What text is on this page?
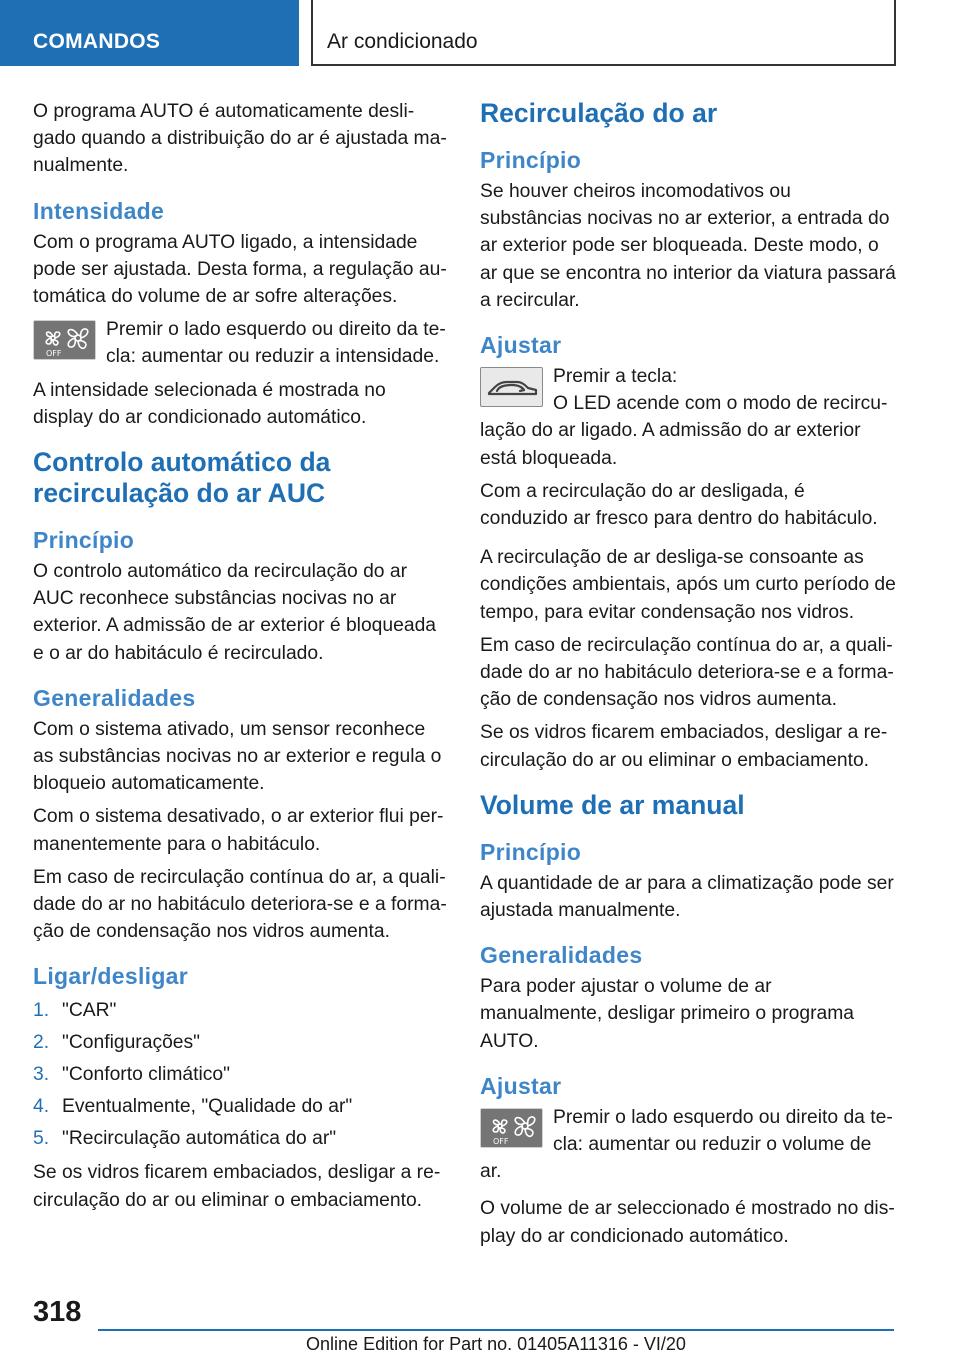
COMANDOS	Ar condicionado

O programa AUTO é automaticamente desligado quando a distribuição do ar é ajustada manualmente.

Intensidade

Com o programa AUTO ligado, a intensidade pode ser ajustada. Desta forma, a regulação automática do volume de ar sofre alterações.

OFF

Premir o lado esquerdo ou direito da tecla: aumentar ou reduzir a intensidade.

A intensidade selecionada é mostrada no display do ar condicionado automático.

Controlo automático da recirculação do ar AUC
Princípio

O controlo automático da recirculação do ar AUC reconhece substâncias nocivas no ar exterior. A admissão de ar exterior é bloqueada e o ar do habitáculo é recirculado.

Generalidades

Com o sistema ativado, um sensor reconhece as substâncias nocivas no ar exterior e regula o bloqueio automaticamente.

Com o sistema desativado, o ar exterior flui permanentemente para o habitáculo.

Em caso de recirculação contínua do ar, a qualidade do ar no habitáculo deteriora-se e a formação de condensação nos vidros aumenta.

Ligar/desligar
1. "CAR"
2. "Configurações"
3. "Conforto climático"
4. Eventualmente, "Qualidade do ar"
5. "Recirculação automática do ar"

Se os vidros ficarem embaciados, desligar a recirculação do ar ou eliminar o embaciamento.

Recirculação do ar
Princípio

Se houver cheiros incomodativos ou substâncias nocivas no ar exterior, a entrada do ar exterior pode ser bloqueada. Deste modo, o ar que se encontra no interior da viatura passará a recircular.

Ajustar

Premir a tecla:

O LED acende com o modo de recirculação do ar ligado. A admissão do ar exterior está bloqueada.

Com a recirculação do ar desligada, é conduzido ar fresco para dentro do habitáculo.

A recirculação de ar desliga-se consoante as condições ambientais, após um curto período de tempo, para evitar condensação nos vidros.

Em caso de recirculação contínua do ar, a qualidade do ar no habitáculo deteriora-se e a formação de condensação nos vidros aumenta.

Se os vidros ficarem embaciados, desligar a recirculação do ar ou eliminar o embaciamento.

Volume de ar manual
Princípio

A quantidade de ar para a climatização pode ser ajustada manualmente.

Generalidades

Para poder ajustar o volume de ar manualmente, desligar primeiro o programa AUTO.

Ajustar
OFF

Premir o lado esquerdo ou direito da tecla: aumentar ou reduzir o volume de ar.

O volume de ar seleccionado é mostrado no display do ar condicionado automático.

318
Online Edition for Part no. 01405A11316 - VI/20
